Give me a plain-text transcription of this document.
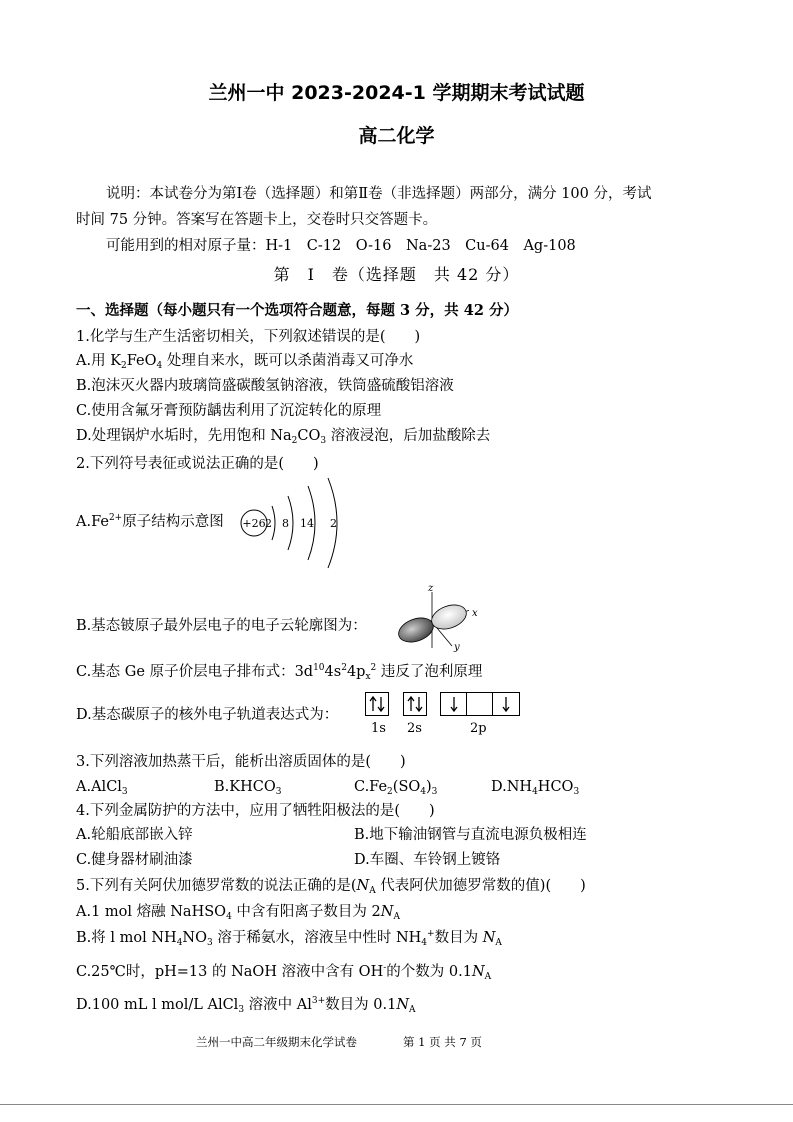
兰州一中 2023-2024-1 学期期末考试试题
高二化学
说明：本试卷分为第Ⅰ卷（选择题）和第Ⅱ卷（非选择题）两部分，满分 100 分，考试
时间 75 分钟。答案写在答题卡上，交卷时只交答题卡。
可能用到的相对原子量：H-1　C-12　O-16　Na-23　Cu-64　Ag-108
第　Ⅰ　卷（选择题　共 42 分）
一、选择题（每小题只有一个选项符合题意，每题 3 分，共 42 分）
1.化学与生产生活密切相关，下列叙述错误的是(　　)
A.用 $K_2FeO_4$ 处理自来水，既可以杀菌消毒又可净水
B.泡沫灭火器内玻璃筒盛碳酸氢钠溶液，铁筒盛硫酸铝溶液
C.使用含氟牙膏预防龋齿利用了沉淀转化的原理
D.处理锅炉水垢时，先用饱和 $Na_2CO_3$ 溶液浸泡，后加盐酸除去
2.下列符号表征或说法正确的是(　　)
$A.Fe^{2+}$原子结构示意图 +26 2 8 14 2
B.基态铍原子最外层电子的电子云轮廓图为：
z
x
y
C.基态 Ge 原子价层电子排布式：$3d^{10}4s^24p_x^2$ 违反了泡利原理
D.基态碳原子的核外电子轨道表达式为：
1s 2s	2p
3.下列溶液加热蒸干后，能析出溶质固体的是(　　)
A.AlCl$_3$	$B.KHCO_3$	$C.Fe_2(SO_4)_3$	$D.NH_4HCO_3$
4.下列金属防护的方法中，应用了牺牲阳极法的是(　　)
A.轮船底部嵌入锌	B.地下输油钢管与直流电源负极相连
C.健身器材刷油漆	D.车圈、车铃钢上镀铬
5.下列有关阿伏加德罗常数的说法正确的是($N_A$ 代表阿伏加德罗常数的值)(　　)
A.1 mol 熔融 NaHSO$_4$ 中含有阳离子数目为 $2N_A$
B.将 l mol $NH_4NO_3$ 溶于稀氨水，溶液呈中性时 $NH_4^+$数目为 $N_A$
C.25℃时，pH=13 的 NaOH 溶液中含有 OH-的个数为 $0.1N_A$
D.100 mL l mol/L AlCl$_3$ 溶液中 $Al^{3+}$数目为 $0.1N_A$
兰州一中高二年级期末化学试卷	第 1 页 共 7 页
